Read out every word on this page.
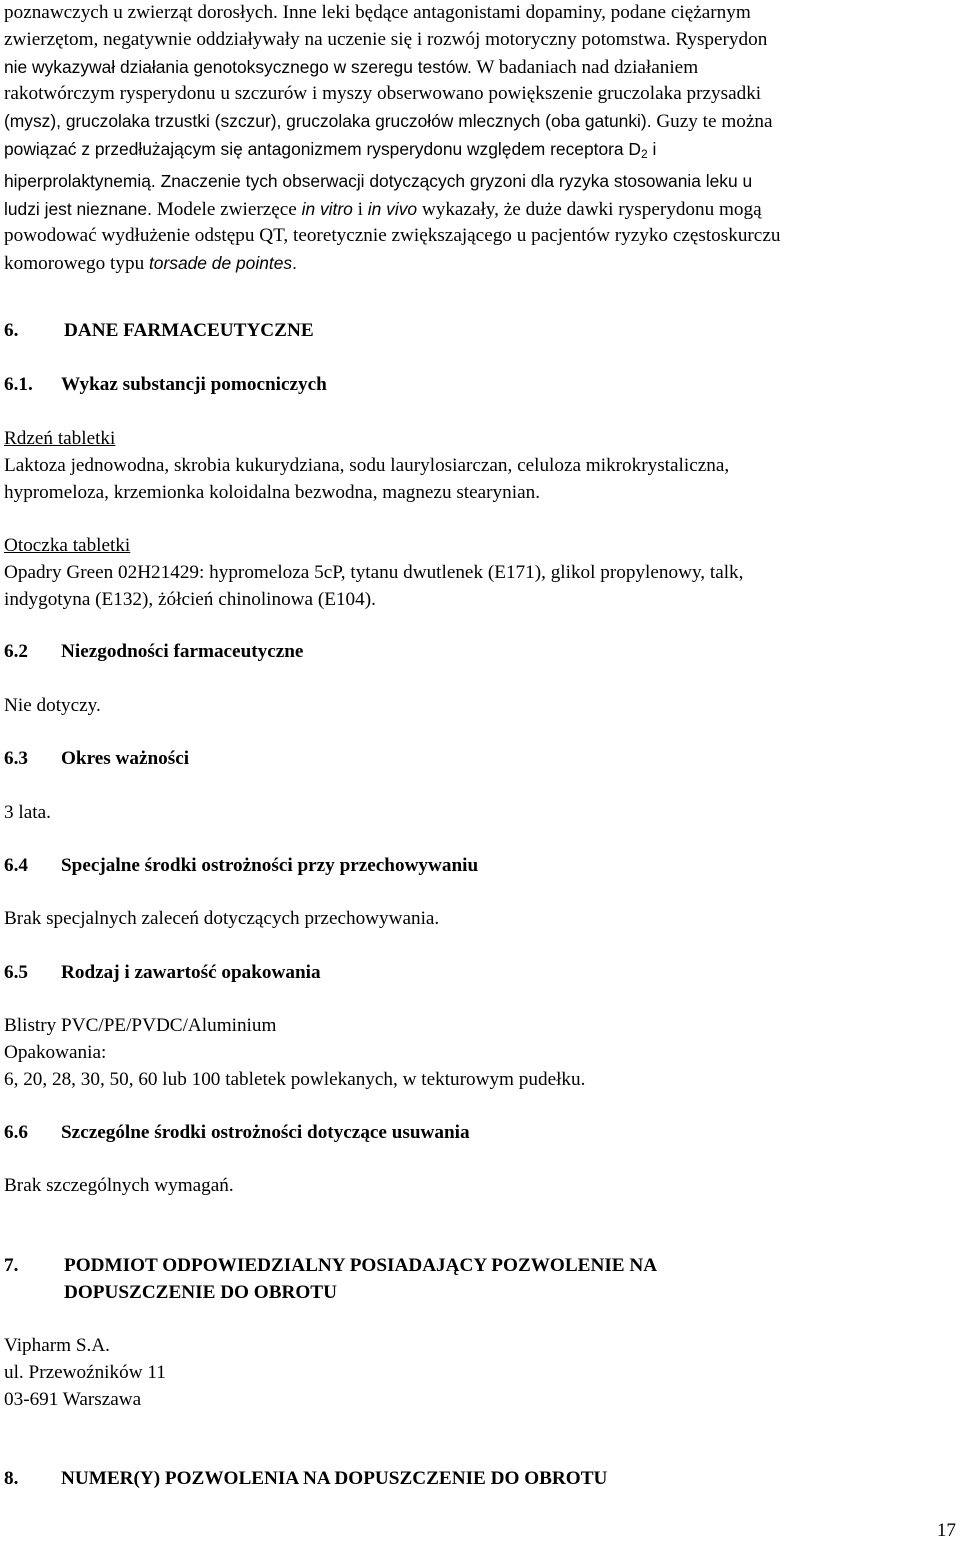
poznawczych u zwierząt dorosłych. Inne leki będące antagonistami dopaminy, podane ciężarnym
zwierzętom, negatywnie oddziaływały na uczenie się i rozwój motoryczny potomstwa. Rysperydon
nie wykazywał działania genotoksycznego w szeregu testów. W badaniach nad działaniem
rakotwórczym rysperydonu u szczurów i myszy obserwowano powiększenie gruczolaka przysadki
(mysz), gruczolaka trzustki (szczur), gruczolaka gruczołów mlecznych (oba gatunki). Guzy te można
powiązać z przedłużającym się antagonizmem rysperydonu względem receptora $D_2$ i
hiperprolaktynemią. Znaczenie tych obserwacji dotyczących gryzoni dla ryzyka stosowania leku u
ludzi jest nieznane. Modele zwierzęce in vitro i in vivo wykazały, że duże dawki rysperydonu mogą
powodować wydłużenie odstępu QT, teoretycznie zwiększającego u pacjentów ryzyko częstoskurczu
komorowego typu torsade de pointes.
6. DANE FARMACEUTYCZNE
6.1. Wykaz substancji pomocniczych
Rdzeń tabletki
Laktoza jednowodna, skrobia kukurydziana, sodu laurylosiarczan, celuloza mikrokrystaliczna,
hypromeloza, krzemionka koloidalna bezwodna, magnezu stearynian.
Otoczka tabletki
Opadry Green 02H21429: hypromeloza 5cP, tytanu dwutlenek (E171), glikol propylenowy, talk,
indygotyna (E132), żółcień chinolinowa (E104).
6.2 Niezgodności farmaceutyczne
Nie dotyczy.
6.3 Okres ważności
3 lata.
6.4 Specjalne środki ostrożności przy przechowywaniu
Brak specjalnych zaleceń dotyczących przechowywania.
6.5 Rodzaj i zawartość opakowania
Blistry PVC/PE/PVDC/Aluminium
Opakowania:
6, 20, 28, 30, 50, 60 lub 100 tabletek powlekanych, w tekturowym pudełku.
6.6 Szczególne środki ostrożności dotyczące usuwania
Brak szczególnych wymagań.
7. PODMIOT ODPOWIEDZIALNY POSIADAJĄCY POZWOLENIE NA
DOPUSZCZENIE DO OBROTU
Vipharm S.A.
ul. Przewoźników 11
03-691 Warszawa
8. NUMER(Y) POZWOLENIA NA DOPUSZCZENIE DO OBROTU
17
